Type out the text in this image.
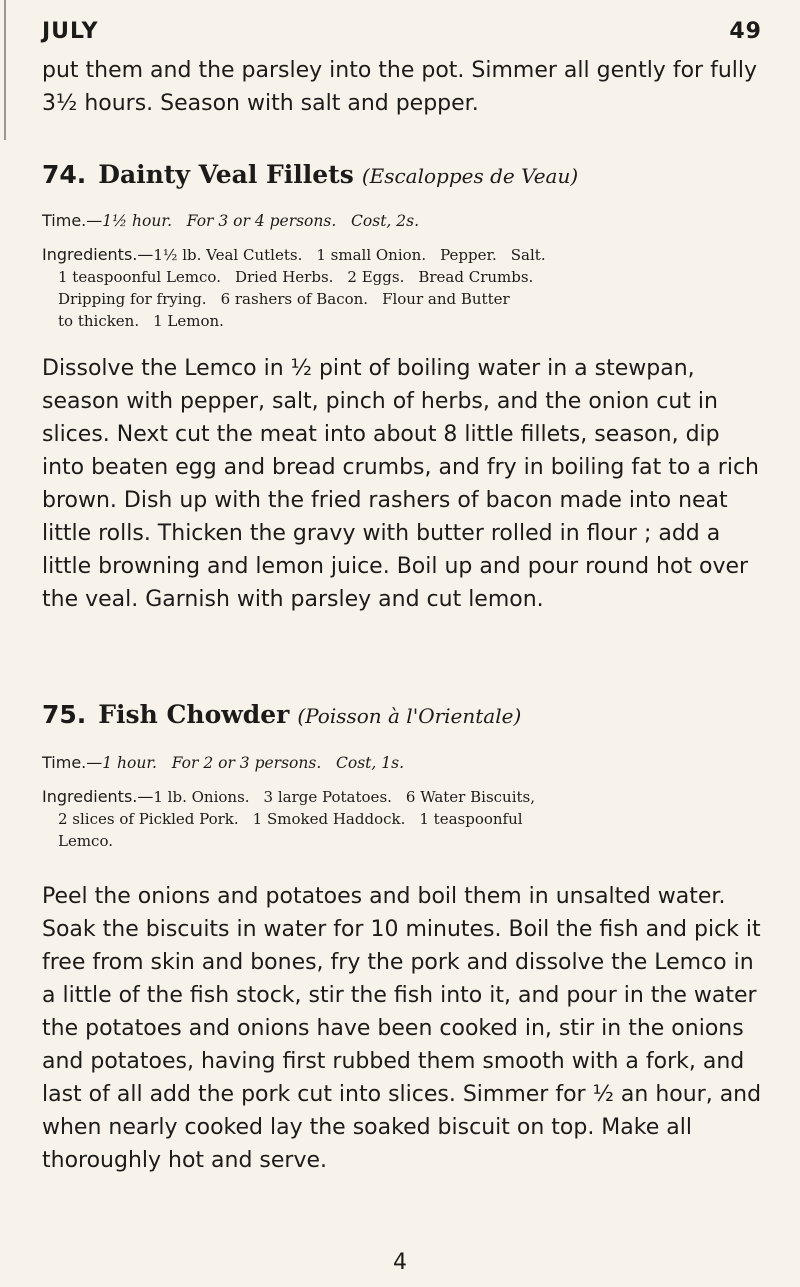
JULY	49
put them and the parsley into the pot. Simmer all gently for fully 3½ hours. Season with salt and pepper.
74. Dainty Veal Fillets (Escaloppes de Veau)
Time.—1½ hour. For 3 or 4 persons. Cost, 2s.
Ingredients.—1½ lb. Veal Cutlets. 1 small Onion. Pepper. Salt.
1 teaspoonful Lemco. Dried Herbs. 2 Eggs. Bread Crumbs.
Dripping for frying. 6 rashers of Bacon. Flour and Butter
to thicken. 1 Lemon.
Dissolve the Lemco in ½ pint of boiling water in a stewpan, season with pepper, salt, pinch of herbs, and the onion cut in slices. Next cut the meat into about 8 little fillets, season, dip into beaten egg and bread crumbs, and fry in boiling fat to a rich brown. Dish up with the fried rashers of bacon made into neat little rolls. Thicken the gravy with butter rolled in flour ; add a little browning and lemon juice. Boil up and pour round hot over the veal. Garnish with parsley and cut lemon.
75. Fish Chowder (Poisson à l'Orientale)
Time.—1 hour. For 2 or 3 persons. Cost, 1s.
Ingredients.—1 lb. Onions. 3 large Potatoes. 6 Water Biscuits,
2 slices of Pickled Pork. 1 Smoked Haddock. 1 teaspoonful
Lemco.
Peel the onions and potatoes and boil them in unsalted water. Soak the biscuits in water for 10 minutes. Boil the fish and pick it free from skin and bones, fry the pork and dissolve the Lemco in a little of the fish stock, stir the fish into it, and pour in the water the potatoes and onions have been cooked in, stir in the onions and potatoes, having first rubbed them smooth with a fork, and last of all add the pork cut into slices. Simmer for ½ an hour, and when nearly cooked lay the soaked biscuit on top. Make all thoroughly hot and serve.
4
